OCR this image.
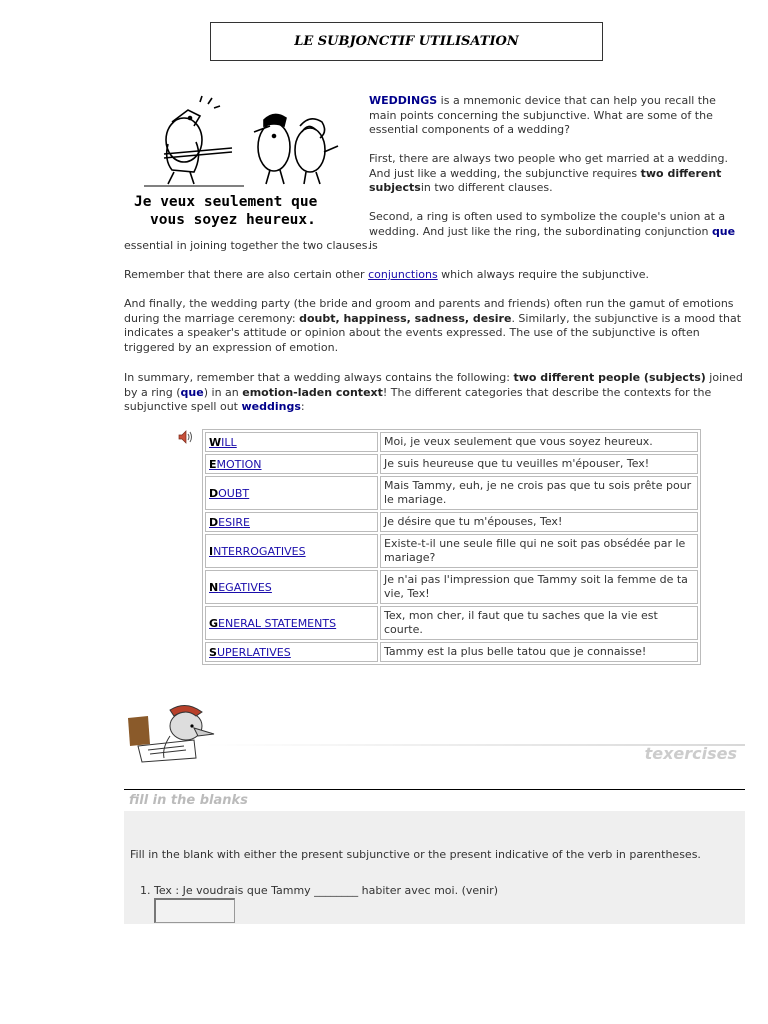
LE SUBJONCTIF UTILISATION
Je veux seulement que
vous soyez heureux.

WEDDINGS is a mnemonic device that can help you recall the main points concerning the subjunctive. What are some of the essential components of a wedding?

First, there are always two people who get married at a wedding. And just like a wedding, the subjunctive requires two different subjectsin two different clauses.

Second, a ring is often used to symbolize the couple's union at a wedding. And just like the ring, the subordinating conjunction que is

essential in joining together the two clauses.

Remember that there are also certain other conjunctions which always require the subjunctive.

And finally, the wedding party (the bride and groom and parents and friends) often run the gamut of emotions during the marriage ceremony: doubt, happiness, sadness, desire. Similarly, the subjunctive is a mood that indicates a speaker's attitude or opinion about the events expressed. The use of the subjunctive is often triggered by an expression of emotion.

In summary, remember that a wedding always contains the following: two different people (subjects) joined by a ring (que) in an emotion-laden context! The different categories that describe the contexts for the subjunctive spell out weddings:

WILL	Moi, je veux seulement que vous soyez heureux.
EMOTION	Je suis heureuse que tu veuilles m'épouser, Tex!
DOUBT	Mais Tammy, euh, je ne crois pas que tu sois prête pour le mariage.
DESIRE	Je désire que tu m'épouses, Tex!
INTERROGATIVES	Existe-t-il une seule fille qui ne soit pas obsédée par le mariage?
NEGATIVES	Je n'ai pas l'impression que Tammy soit la femme de ta vie, Tex!
GENERAL STATEMENTS	Tex, mon cher, il faut que tu saches que la vie est courte.
SUPERLATIVES	Tammy est la plus belle tatou que je connaisse!
texercises
fill in the blanks
Fill in the blank with either the present subjunctive or the present indicative of the verb in parentheses.
1. Tex : Je voudrais que Tammy ________ habiter avec moi. (venir)
